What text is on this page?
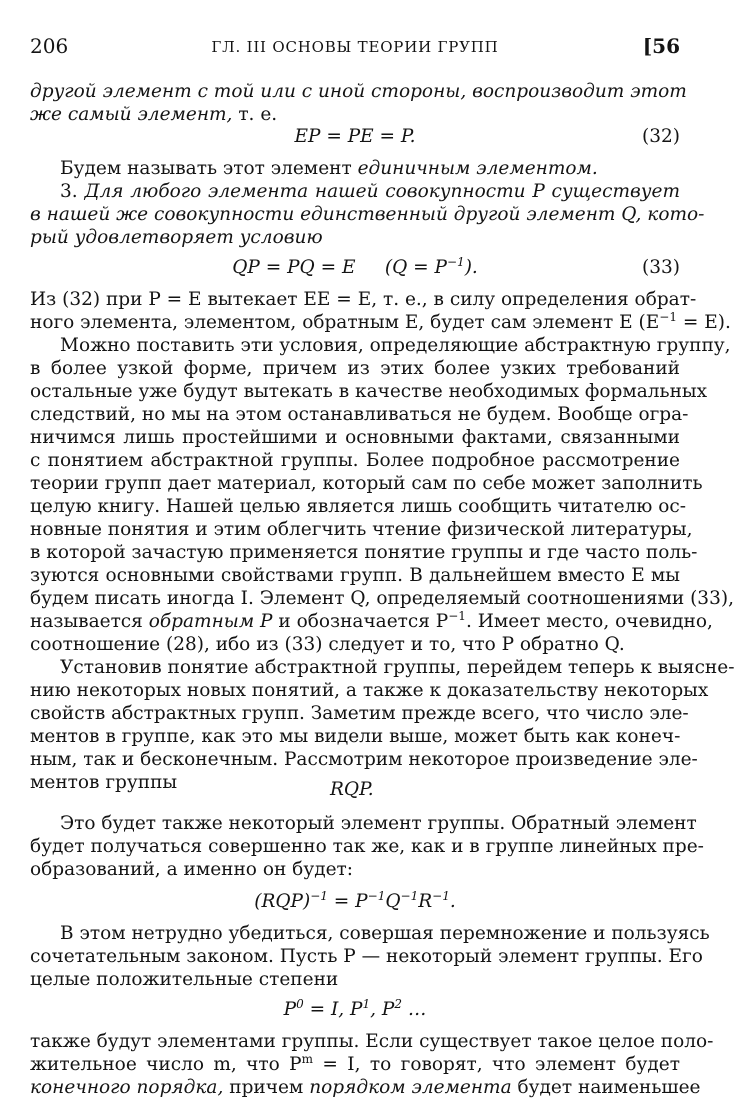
206	ГЛ. III ОСНОВЫ ТЕОРИИ ГРУПП	[56
другой элемент с той или с иной стороны, воспроизводит этот
же самый элемент, т. е.
EP = PE = P.	(32)
Будем называть этот элемент единичным элементом.
3. Для любого элемента нашей совокупности P существует
в нашей же совокупности единственный другой элемент Q, кото-
рый удовлетворяет условию
QP = PQ = E $(Q = P^{-1})$.	(33)
Из (32) при P = E вытекает EE = E, т. е., в силу определения обрат-
ного элемента, элементом, обратным E, будет сам элемент E $(E^{-1} = E)$.
Можно поставить эти условия, определяющие абстрактную группу,
в более узкой форме, причем из этих более узких требований
остальные уже будут вытекать в качестве необходимых формальных
следствий, но мы на этом останавливаться не будем. Вообще огра-
ничимся лишь простейшими и основными фактами, связанными
с понятием абстрактной группы. Более подробное рассмотрение
теории групп дает материал, который сам по себе может заполнить
целую книгу. Нашей целью является лишь сообщить читателю ос-
новные понятия и этим облегчить чтение физической литературы,
в которой зачастую применяется понятие группы и где часто поль-
зуются основными свойствами групп. В дальнейшем вместо E мы
будем писать иногда I. Элемент Q, определяемый соотношениями (33),
называется обратным P и обозначается $P^{-1}$. Имеет место, очевидно,
соотношение (28), ибо из (33) следует и то, что P обратно Q.
Установив понятие абстрактной группы, перейдем теперь к выясне-
нию некоторых новых понятий, а также к доказательству некоторых
свойств абстрактных групп. Заметим прежде всего, что число эле-
ментов в группе, как это мы видели выше, может быть как конеч-
ным, так и бесконечным. Рассмотрим некоторое произведение эле-
ментов группы	RQP.
Это будет также некоторый элемент группы. Обратный элемент
будет получаться совершенно так же, как и в группе линейных пре-
образований, а именно он будет:
$(RQP)^{-1} = P^{-1}Q^{-1}R^{-1}$.
В этом нетрудно убедиться, совершая перемножение и пользуясь
сочетательным законом. Пусть P — некоторый элемент группы. Его
целые положительные степени
$P^0 = I$, $P^1$, $P^2$ …
также будут элементами группы. Если существует такое целое поло-
жительное число m, что $P^m = I$, то говорят, что элемент будет
конечного порядка, причем порядком элемента будет наименьшее
